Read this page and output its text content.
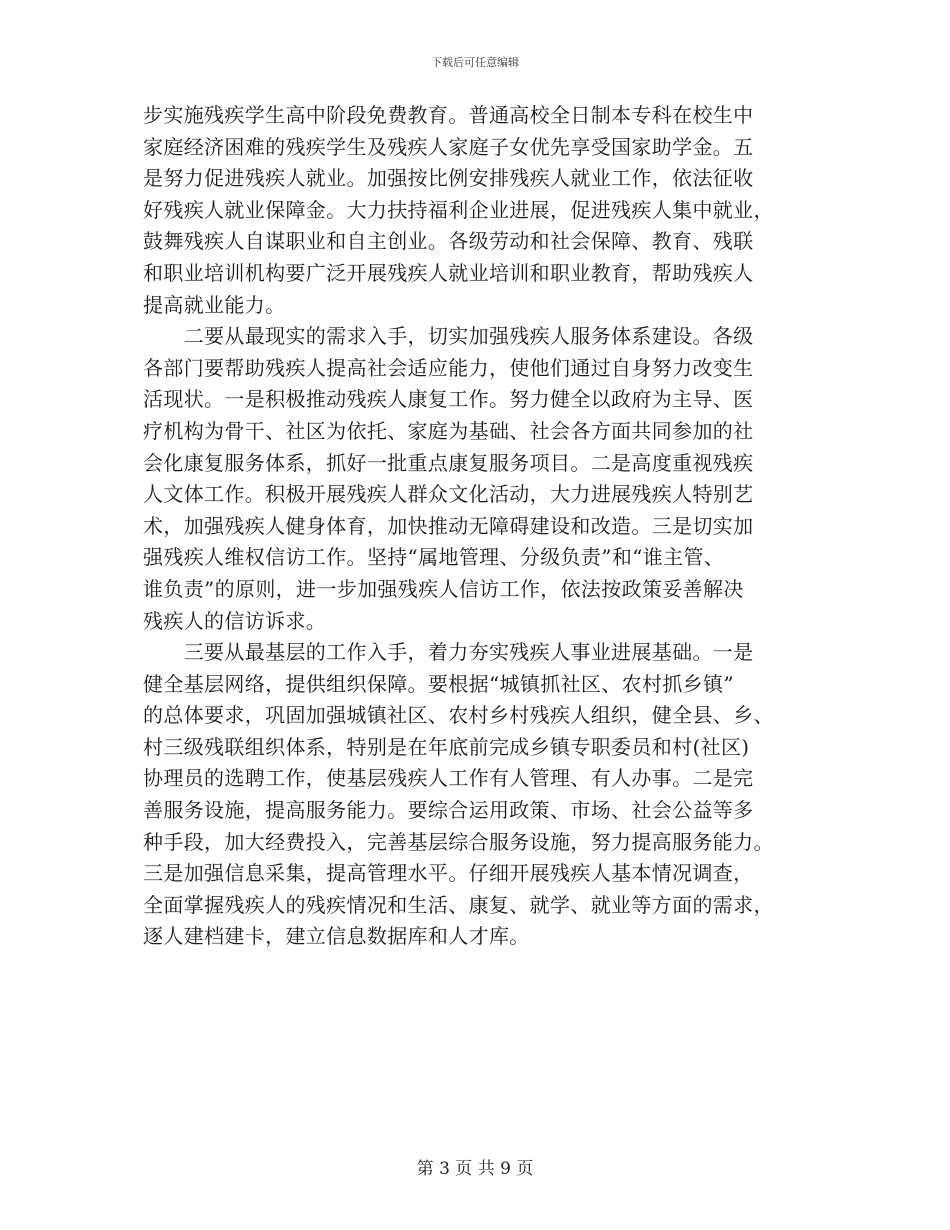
下载后可任意编辑
步实施残疾学生高中阶段免费教育。普通高校全日制本专科在校生中
家庭经济困难的残疾学生及残疾人家庭子女优先享受国家助学金。五
是努力促进残疾人就业。加强按比例安排残疾人就业工作，依法征收
好残疾人就业保障金。大力扶持福利企业进展，促进残疾人集中就业，
鼓舞残疾人自谋职业和自主创业。各级劳动和社会保障、教育、残联
和职业培训机构要广泛开展残疾人就业培训和职业教育，帮助残疾人
提高就业能力。
　　二要从最现实的需求入手，切实加强残疾人服务体系建设。各级
各部门要帮助残疾人提高社会适应能力，使他们通过自身努力改变生
活现状。一是积极推动残疾人康复工作。努力健全以政府为主导、医
疗机构为骨干、社区为依托、家庭为基础、社会各方面共同参加的社
会化康复服务体系，抓好一批重点康复服务项目。二是高度重视残疾
人文体工作。积极开展残疾人群众文化活动，大力进展残疾人特别艺
术，加强残疾人健身体育，加快推动无障碍建设和改造。三是切实加
强残疾人维权信访工作。坚持“属地管理、分级负责”和“谁主管、
谁负责”的原则，进一步加强残疾人信访工作，依法按政策妥善解决
残疾人的信访诉求。
　　三要从最基层的工作入手，着力夯实残疾人事业进展基础。一是
健全基层网络，提供组织保障。要根据“城镇抓社区、农村抓乡镇”
的总体要求，巩固加强城镇社区、农村乡村残疾人组织，健全县、乡、
村三级残联组织体系，特别是在年底前完成乡镇专职委员和村(社区)
协理员的选聘工作，使基层残疾人工作有人管理、有人办事。二是完
善服务设施，提高服务能力。要综合运用政策、市场、社会公益等多
种手段，加大经费投入，完善基层综合服务设施，努力提高服务能力。
三是加强信息采集，提高管理水平。仔细开展残疾人基本情况调查，
全面掌握残疾人的残疾情况和生活、康复、就学、就业等方面的需求，
逐人建档建卡，建立信息数据库和人才库。
第 3 页 共 9 页
